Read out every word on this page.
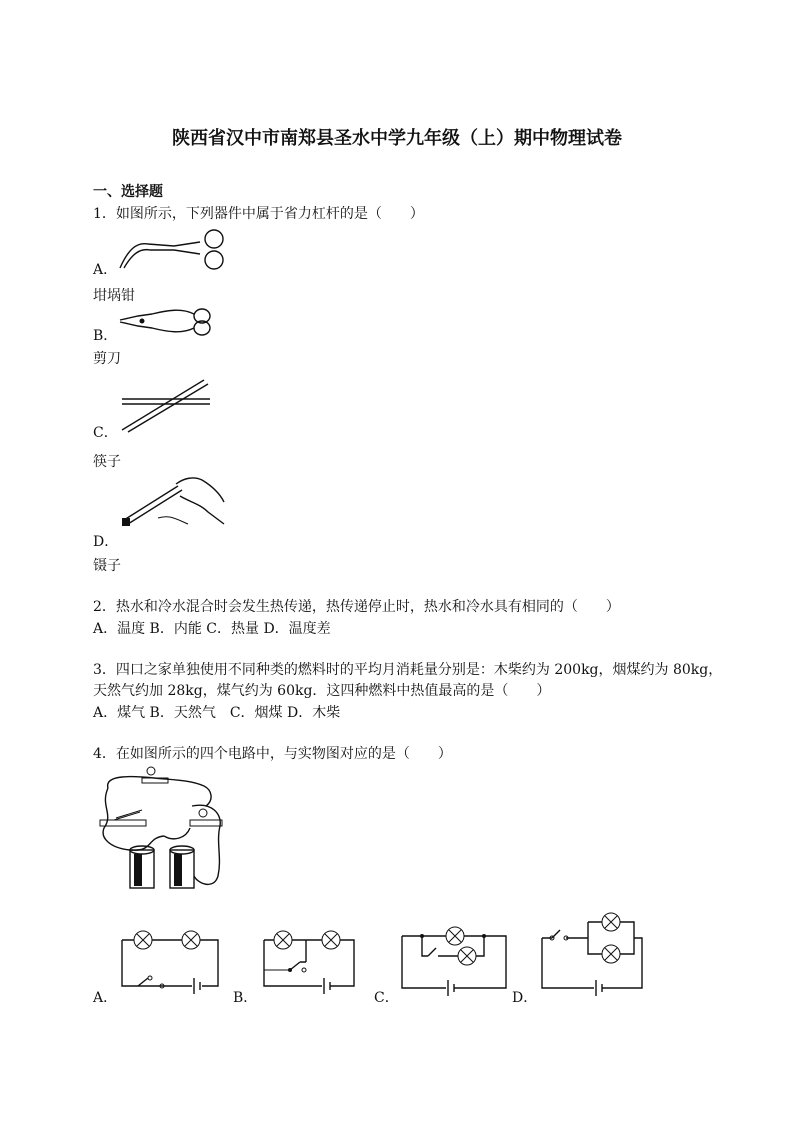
陕西省汉中市南郑县圣水中学九年级（上）期中物理试卷
一、选择题
1．如图所示，下列器件中属于省力杠杆的是（　　）
A．
坩埚钳
B．
剪刀
C．
筷子
D．
镊子
2．热水和冷水混合时会发生热传递，热传递停止时，热水和冷水具有相同的（　　）
A．温度 B．内能 C．热量 D．温度差
3．四口之家单独使用不同种类的燃料时的平均月消耗量分别是：木柴约为 200kg，烟煤约为 80kg，
天然气约加 28kg，煤气约为 60kg．这四种燃料中热值最高的是（　　）
A．煤气 B．天然气　C．烟煤 D．木柴
4．在如图所示的四个电路中，与实物图对应的是（　　）
A．	B．	C．	D．
